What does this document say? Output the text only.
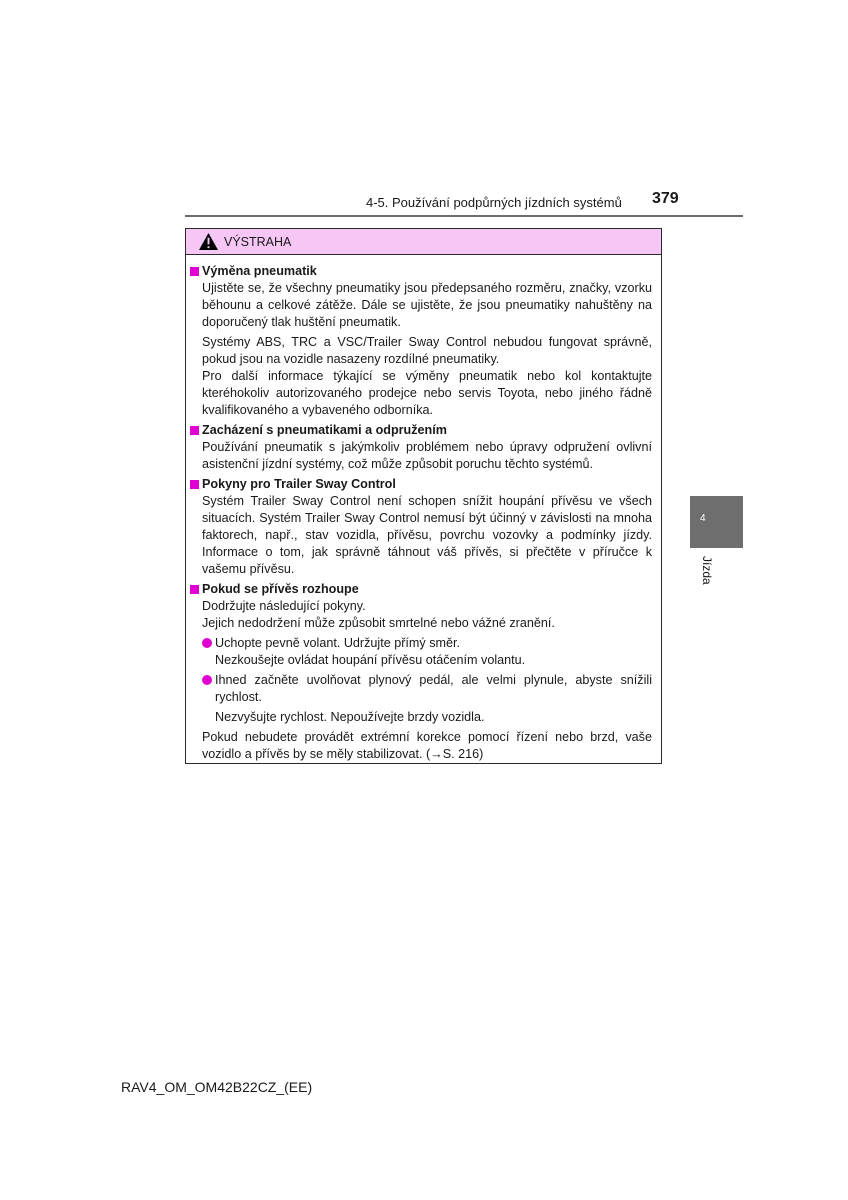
4-5. Používání podpůrných jízdních systémů 379
4
Jízda
VÝSTRAHA
Výměna pneumatik
Ujistěte se, že všechny pneumatiky jsou předepsaného rozměru, značky, vzorku běhounu a celkové zátěže. Dále se ujistěte, že jsou pneumatiky nahuštěny na doporučený tlak huštění pneumatik.
Systémy ABS, TRC a VSC/Trailer Sway Control nebudou fungovat správně, pokud jsou na vozidle nasazeny rozdílné pneumatiky.
Pro další informace týkající se výměny pneumatik nebo kol kontaktujte kteréhokoliv autorizovaného prodejce nebo servis Toyota, nebo jiného řádně kvalifikovaného a vybaveného odborníka.
Zacházení s pneumatikami a odpružením
Používání pneumatik s jakýmkoliv problémem nebo úpravy odpružení ovlivní asistenční jízdní systémy, což může způsobit poruchu těchto systémů.
Pokyny pro Trailer Sway Control
Systém Trailer Sway Control není schopen snížit houpání přívěsu ve všech situacích. Systém Trailer Sway Control nemusí být účinný v závislosti na mnoha faktorech, např., stav vozidla, přívěsu, povrchu vozovky a podmínky jízdy. Informace o tom, jak správně táhnout váš přívěs, si přečtěte v příručce k vašemu přívěsu.
Pokud se přívěs rozhoupe
Dodržujte následující pokyny.
Jejich nedodržení může způsobit smrtelné nebo vážné zranění.
Uchopte pevně volant. Udržujte přímý směr.
Nezkoušejte ovládat houpání přívěsu otáčením volantu.
Ihned začněte uvolňovat plynový pedál, ale velmi plynule, abyste snížili rychlost.
Nezvyšujte rychlost. Nepoužívejte brzdy vozidla.
Pokud nebudete provádět extrémní korekce pomocí řízení nebo brzd, vaše vozidlo a přívěs by se měly stabilizovat. (→S. 216)
RAV4_OM_OM42B22CZ_(EE)
